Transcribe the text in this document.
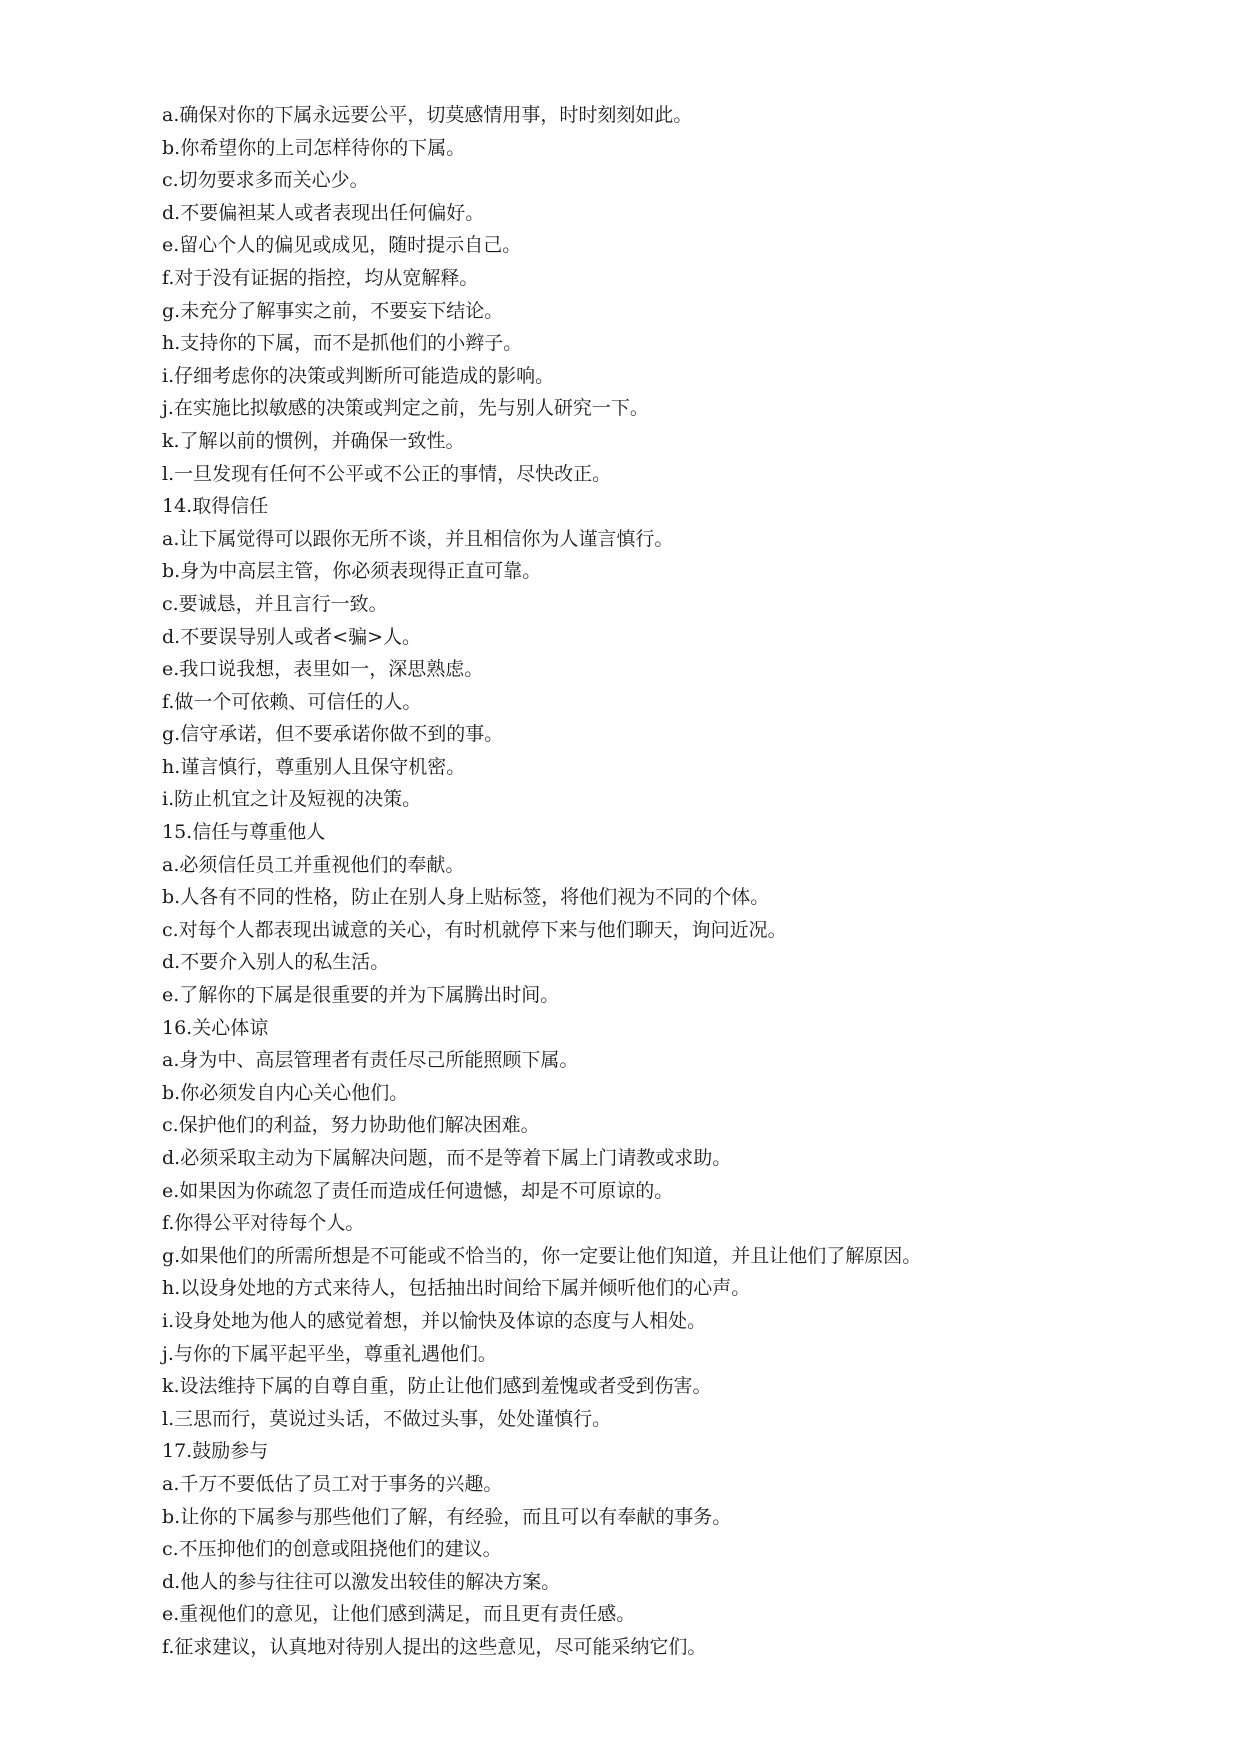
a.确保对你的下属永远要公平，切莫感情用事，时时刻刻如此。
b.你希望你的上司怎样待你的下属。
c.切勿要求多而关心少。
d.不要偏袒某人或者表现出任何偏好。
e.留心个人的偏见或成见，随时提示自己。
f.对于没有证据的指控，均从宽解释。
g.未充分了解事实之前，不要妄下结论。
h.支持你的下属，而不是抓他们的小辫子。
i.仔细考虑你的决策或判断所可能造成的影响。
j.在实施比拟敏感的决策或判定之前，先与别人研究一下。
k.了解以前的惯例，并确保一致性。
l.一旦发现有任何不公平或不公正的事情，尽快改正。
14.取得信任
a.让下属觉得可以跟你无所不谈，并且相信你为人谨言慎行。
b.身为中高层主管，你必须表现得正直可靠。
c.要诚恳，并且言行一致。
d.不要误导别人或者<骗>人。
e.我口说我想，表里如一，深思熟虑。
f.做一个可依赖、可信任的人。
g.信守承诺，但不要承诺你做不到的事。
h.谨言慎行，尊重别人且保守机密。
i.防止机宜之计及短视的决策。
15.信任与尊重他人
a.必须信任员工并重视他们的奉献。
b.人各有不同的性格，防止在别人身上贴标签，将他们视为不同的个体。
c.对每个人都表现出诚意的关心，有时机就停下来与他们聊天，询问近况。
d.不要介入别人的私生活。
e.了解你的下属是很重要的并为下属腾出时间。
16.关心体谅
a.身为中、高层管理者有责任尽己所能照顾下属。
b.你必须发自内心关心他们。
c.保护他们的利益，努力协助他们解决困难。
d.必须采取主动为下属解决问题，而不是等着下属上门请教或求助。
e.如果因为你疏忽了责任而造成任何遗憾，却是不可原谅的。
f.你得公平对待每个人。
g.如果他们的所需所想是不可能或不恰当的，你一定要让他们知道，并且让他们了解原因。
h.以设身处地的方式来待人，包括抽出时间给下属并倾听他们的心声。
i.设身处地为他人的感觉着想，并以愉快及体谅的态度与人相处。
j.与你的下属平起平坐，尊重礼遇他们。
k.设法维持下属的自尊自重，防止让他们感到羞愧或者受到伤害。
l.三思而行，莫说过头话，不做过头事，处处谨慎行。
17.鼓励参与
a.千万不要低估了员工对于事务的兴趣。
b.让你的下属参与那些他们了解，有经验，而且可以有奉献的事务。
c.不压抑他们的创意或阻挠他们的建议。
d.他人的参与往往可以激发出较佳的解决方案。
e.重视他们的意见，让他们感到满足，而且更有责任感。
f.征求建议，认真地对待别人提出的这些意见，尽可能采纳它们。
